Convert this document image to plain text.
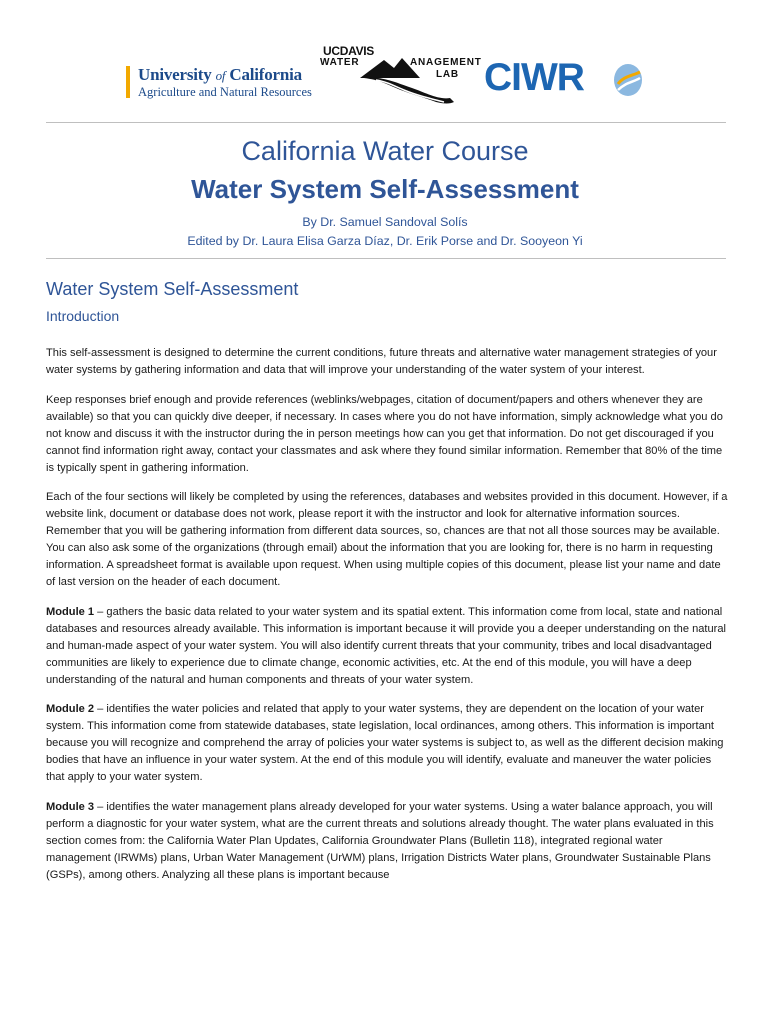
University of California
Agriculture and Natural Resources
UCDAVIS
WATER	ANAGEMENT
LAB CIWR
California Water Course
Water System Self-Assessment
By Dr. Samuel Sandoval Solís
Edited by Dr. Laura Elisa Garza Díaz, Dr. Erik Porse and Dr. Sooyeon Yi
Water System Self-Assessment
Introduction

This self-assessment is designed to determine the current conditions, future threats and alternative water management strategies of your water systems by gathering information and data that will improve your understanding of the water system of your interest.

Keep responses brief enough and provide references (weblinks/webpages, citation of document/papers and others whenever they are available) so that you can quickly dive deeper, if necessary. In cases where you do not have information, simply acknowledge what you do not know and discuss it with the instructor during the in person meetings how can you get that information. Do not get discouraged if you cannot find information right away, contact your classmates and ask where they found similar information. Remember that 80% of the time is typically spent in gathering information.

Each of the four sections will likely be completed by using the references, databases and websites provided in this document. However, if a website link, document or database does not work, please report it with the instructor and look for alternative information sources. Remember that you will be gathering information from different data sources, so, chances are that not all those sources may be available. You can also ask some of the organizations (through email) about the information that you are looking for, there is no harm in requesting information. A spreadsheet format is available upon request. When using multiple copies of this document, please list your name and date of last version on the header of each document.

Module 1 – gathers the basic data related to your water system and its spatial extent. This information come from local, state and national databases and resources already available. This information is important because it will provide you a deeper understanding on the natural and human-made aspect of your water system. You will also identify current threats that your community, tribes and local disadvantaged communities are likely to experience due to climate change, economic activities, etc. At the end of this module, you will have a deep understanding of the natural and human components and threats of your water system.

Module 2 – identifies the water policies and related that apply to your water systems, they are dependent on the location of your water system. This information come from statewide databases, state legislation, local ordinances, among others. This information is important because you will recognize and comprehend the array of policies your water systems is subject to, as well as the different decision making bodies that have an influence in your water system. At the end of this module you will identify, evaluate and maneuver the water policies that apply to your water system.

Module 3 – identifies the water management plans already developed for your water systems. Using a water balance approach, you will perform a diagnostic for your water system, what are the current threats and solutions already thought. The water plans evaluated in this section comes from: the California Water Plan Updates, California Groundwater Plans (Bulletin 118), integrated regional water management (IRWMs) plans, Urban Water Management (UrWM) plans, Irrigation Districts Water plans, Groundwater Sustainable Plans (GSPs), among others. Analyzing all these plans is important because
